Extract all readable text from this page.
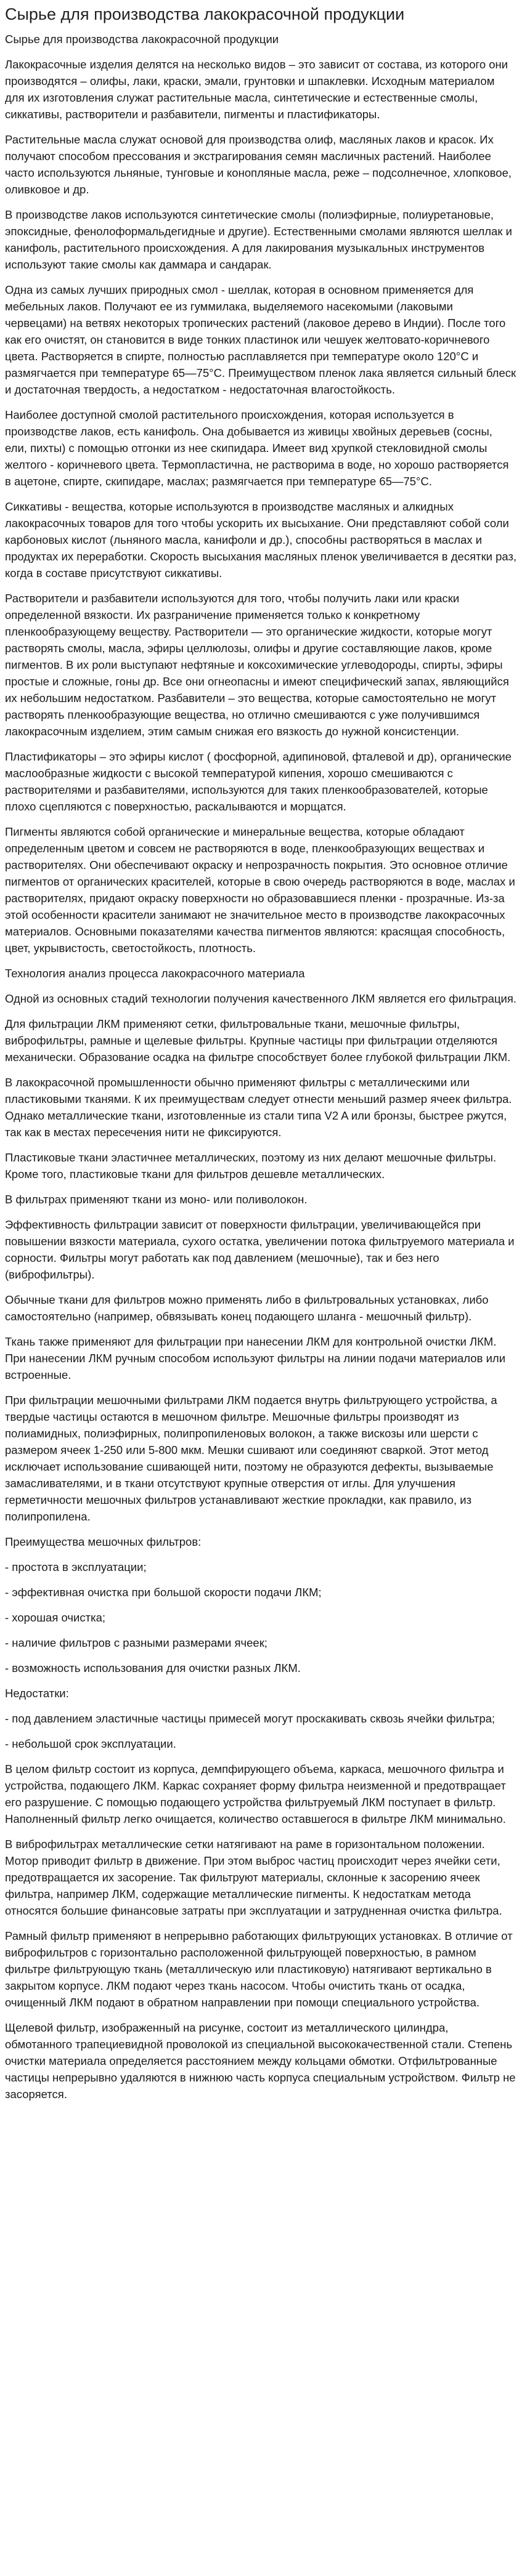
Сырье для производства лакокрасочной продукции

Сырье для производства лакокрасочной продукции

Лакокрасочные изделия делятся на несколько видов – это зависит от состава, из которого они производятся – олифы, лаки, краски, эмали, грунтовки и шпаклевки. Исходным материалом для их изготовления служат растительные масла, синтетические и естественные смолы, сиккативы, растворители и разбавители, пигменты и пластификаторы.

Растительные масла служат основой для производства олиф, масляных лаков и красок. Их получают способом прессования и экстрагирования семян масличных растений. Наиболее часто используются льняные, тунговые и конопляные масла, реже – подсолнечное, хлопковое, оливковое и др.

В производстве лаков используются синтетические смолы (полиэфирные, полиуретановые, эпоксидные, фенолоформальдегидные и другие). Естественными смолами являются шеллак и канифоль, растительного происхождения. А для лакирования музыкальных инструментов используют такие смолы как даммара и сандарак.

Одна из самых лучших природных смол - шеллак, которая в основном применяется для мебельных лаков. Получают ее из гуммилака, выделяемого насекомыми (лаковыми червецами) на ветвях некоторых тропических растений (лаковое дерево в Индии). После того как его очистят, он становится в виде тонких пластинок или чешуек желтовато-коричневого цвета. Растворяется в спирте, полностью расплавляется при температуре около 120°С и размягчается при температуре 65—75°С. Преимуществом пленок лака является сильный блеск и достаточная твердость, а недостатком - недостаточная влагостойкость.

Наиболее доступной смолой растительного происхождения, которая используется в производстве лаков, есть канифоль. Она добывается из живицы хвойных деревьев (сосны, ели, пихты) с помощью отгонки из нее скипидара. Имеет вид хрупкой стекловидной смолы желтого - коричневого цвета. Термопластична, не растворима в воде, но хорошо растворяется в ацетоне, спирте, скипидаре, маслах; размягчается при температуре 65—75°С.

Сиккативы - вещества, которые используются в производстве масляных и алкидных лакокрасочных товаров для того чтобы ускорить их высыхание. Они представляют собой соли карбоновых кислот (льняного масла, канифоли и др.), способны растворяться в маслах и продуктах их переработки. Скорость высыхания масляных пленок увеличивается в десятки раз, когда в составе присутствуют сиккативы.

Растворители и разбавители используются для того, чтобы получить лаки или краски определенной вязкости. Их разграничение применяется только к конкретному пленкообразующему веществу. Растворители — это органические жидкости, которые могут растворять смолы, масла, эфиры целлюлозы, олифы и другие составляющие лаков, кроме пигментов. В их роли выступают нефтяные и коксохимические углеводороды, спирты, эфиры простые и сложные, гоны др. Все они огнеопасны и имеют специфический запах, являющийся их небольшим недостатком. Разбавители – это вещества, которые самостоятельно не могут растворять пленкообразующие вещества, но отлично смешиваются с уже получившимся лакокрасочным изделием, этим самым снижая его вязкость до нужной консистенции.

Пластификаторы – это эфиры кислот ( фосфорной, адипиновой, фталевой и др), органические маслообразные жидкости с высокой температурой кипения, хорошо смешиваются с растворителями и разбавителями, используются для таких пленкообразователей, которые плохо сцепляются с поверхностью, раскалываются и морщатся.

Пигменты являются собой органические и минеральные вещества, которые обладают определенным цветом и совсем не растворяются в воде, пленкообразующих веществах и растворителях. Они обеспечивают окраску и непрозрачность покрытия. Это основное отличие пигментов от органических красителей, которые в свою очередь растворяются в воде, маслах и растворителях, придают окраску поверхности но образовавшиеся пленки - прозрачные. Из-за этой особенности красители занимают не значительное место в производстве лакокрасочных материалов. Основными показателями качества пигментов являются: красящая способность, цвет, укрывистость, светостойкость, плотность.

Технология анализ процесса лакокрасочного материала

Одной из основных стадий технологии получения качественного ЛКМ является его фильтрация.

Для фильтрации ЛКМ применяют сетки, фильтровальные ткани, мешочные фильтры, виброфильтры, рамные и щелевые фильтры. Крупные частицы при фильтрации отделяются механически. Образование осадка на фильтре способствует более глубокой фильтрации ЛКМ.

В лакокрасочной промышленности обычно применяют фильтры с металлическими или пластиковыми тканями. К их преимуществам следует отнести меньший размер ячеек фильтра. Однако металлические ткани, изготовленные из стали типа V2 A или бронзы, быстрее ржутся, так как в местах пересечения нити не фиксируются.

Пластиковые ткани эластичнее металлических, поэтому из них делают мешочные фильтры. Кроме того, пластиковые ткани для фильтров дешевле металлических.

В фильтрах применяют ткани из моно- или поливолокон.

Эффективность фильтрации зависит от поверхности фильтрации, увеличивающейся при повышении вязкости материала, сухого остатка, увеличении потока фильтруемого материала и сорности. Фильтры могут работать как под давлением (мешочные), так и без него (виброфильтры).

Обычные ткани для фильтров можно применять либо в фильтровальных установках, либо самостоятельно (например, обвязывать конец подающего шланга - мешочный фильтр).

Ткань также применяют для фильтрации при нанесении ЛКМ для контрольной очистки ЛКМ. При нанесении ЛКМ ручным способом используют фильтры на линии подачи материалов или встроенные.

При фильтрации мешочными фильтрами ЛКМ подается внутрь фильтрующего устройства, а твердые частицы остаются в мешочном фильтре. Мешочные фильтры производят из полиамидных, полиэфирных, полипропиленовых волокон, а также вискозы или шерсти с размером ячеек 1-250 или 5-800 мкм. Мешки сшивают или соединяют сваркой. Этот метод исключает использование сшивающей нити, поэтому не образуются дефекты, вызываемые замасливателями, и в ткани отсутствуют крупные отверстия от иглы. Для улучшения герметичности мешочных фильтров устанавливают жесткие прокладки, как правило, из полипропилена.

Преимущества мешочных фильтров:

- простота в эксплуатации;

- эффективная очистка при большой скорости подачи ЛКМ;

- хорошая очистка;

- наличие фильтров с разными размерами ячеек;

- возможность использования для очистки разных ЛКМ.

Недостатки:

- под давлением эластичные частицы примесей могут проскакивать сквозь ячейки фильтра;

- небольшой срок эксплуатации.

В целом фильтр состоит из корпуса, демпфирующего объема, каркаса, мешочного фильтра и устройства, подающего ЛКМ. Каркас сохраняет форму фильтра неизменной и предотвращает его разрушение. С помощью подающего устройства фильтруемый ЛКМ поступает в фильтр. Наполненный фильтр легко очищается, количество оставшегося в фильтре ЛКМ минимально.

В виброфильтрах металлические сетки натягивают на раме в горизонтальном положении. Мотор приводит фильтр в движение. При этом выброс частиц происходит через ячейки сети, предотвращается их засорение. Так фильтруют материалы, склонные к засорению ячеек фильтра, например ЛКМ, содержащие металлические пигменты. К недостаткам метода относятся большие финансовые затраты при эксплуатации и затрудненная очистка фильтра.

Рамный фильтр применяют в непрерывно работающих фильтрующих установках. В отличие от виброфильтров с горизонтально расположенной фильтрующей поверхностью, в рамном фильтре фильтрующую ткань (металлическую или пластиковую) натягивают вертикально в закрытом корпусе. ЛКМ подают через ткань насосом. Чтобы очистить ткань от осадка, очищенный ЛКМ подают в обратном направлении при помощи специального устройства.

Щелевой фильтр, изображенный на рисунке, состоит из металлического цилиндра, обмотанного трапециевидной проволокой из специальной высококачественной стали. Степень очистки материала определяется расстоянием между кольцами обмотки. Отфильтрованные частицы непрерывно удаляются в нижнюю часть корпуса специальным устройством. Фильтр не засоряется.
